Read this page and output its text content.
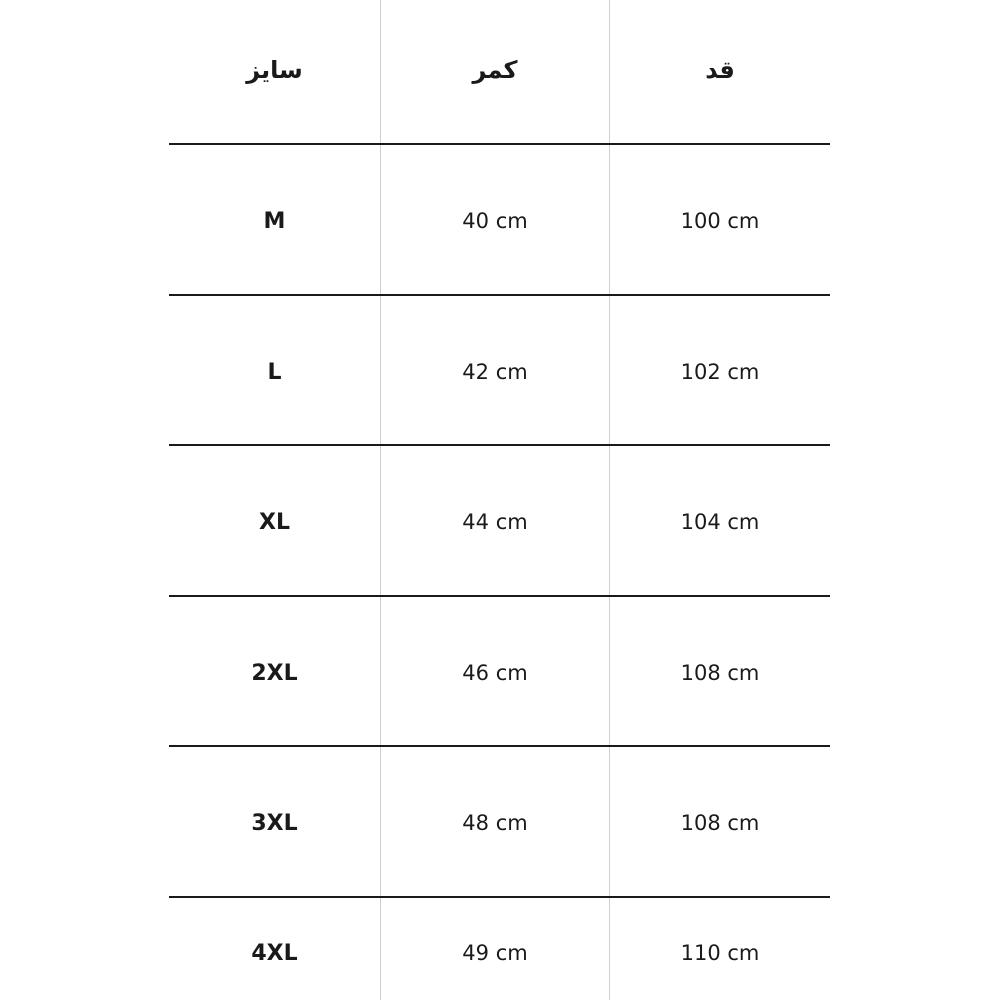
سایز	کمر	قد
M	40 cm	100 cm
L	42 cm	102 cm
XL	44 cm	104 cm
2XL	46 cm	108 cm
3XL	48 cm	108 cm
4XL	49 cm	110 cm
